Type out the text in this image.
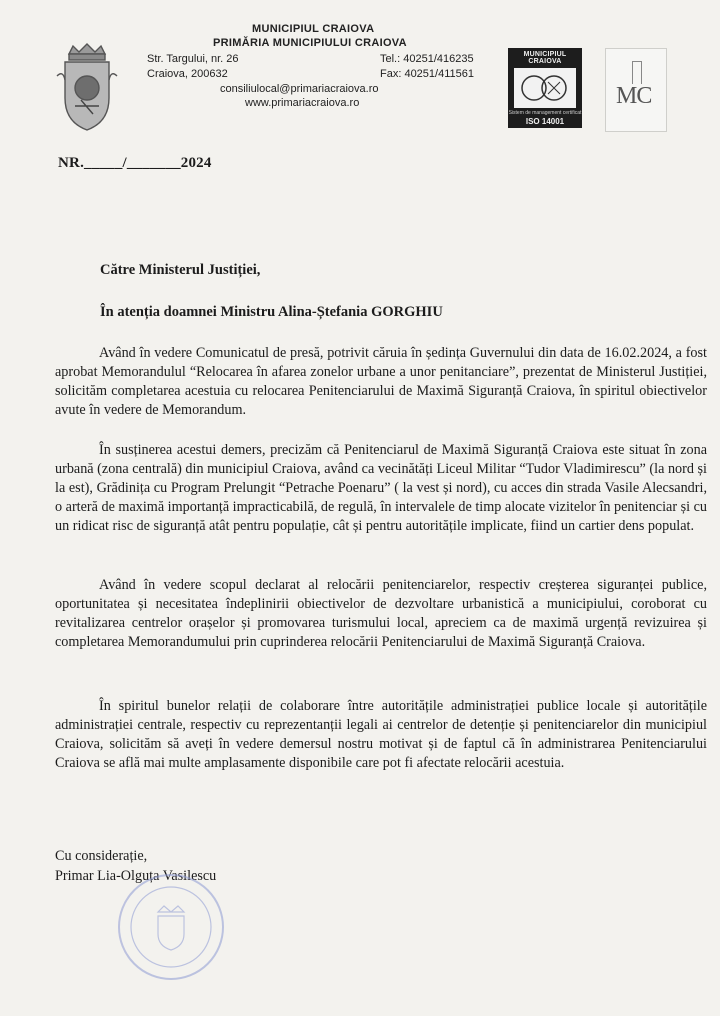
MUNICIPIUL CRAIOVA
PRIMĂRIA MUNICIPIULUI CRAIOVA
Str. Targului, nr. 26
Craiova, 200632
Tel.: 40251/416235
Fax: 40251/411561
consiliulocal@primariacraiova.ro
www.primariacraiova.ro
MUNICIPIUL CRAIOVA
Sistem de management certificat
ISO 14001
MC
NR._____/_______2024
Către Ministerul Justiției,
În atenția doamnei Ministru Alina-Ștefania GORGHIU

Având în vedere Comunicatul de presă, potrivit căruia în ședința Guvernului din data de 16.02.2024, a fost aprobat Memorandulul “Relocarea în afarea zonelor urbane a unor penitanciare”, prezentat de Ministerul Justiției, solicităm completarea acestuia cu relocarea Penitenciarului de Maximă Siguranță Craiova, în spiritul obiectivelor avute în vedere de Memorandum.

În susținerea acestui demers, precizăm că Penitenciarul de Maximă Siguranță Craiova este situat în zona urbană (zona centrală) din municipiul Craiova, având ca vecinătăți Liceul Militar “Tudor Vladimirescu” (la nord și la est), Grădinița cu Program Prelungit “Petrache Poenaru” ( la vest și nord), cu acces din strada Vasile Alecsandri, o arteră de maximă importanță impracticabilă, de regulă, în intervalele de timp alocate vizitelor în penitenciar și cu un ridicat risc de siguranță atât pentru populație, cât și pentru autoritățile implicate, fiind un cartier dens populat.

Având în vedere scopul declarat al relocării penitenciarelor, respectiv creșterea siguranței publice, oportunitatea și necesitatea îndeplinirii obiectivelor de dezvoltare urbanistică a municipiului, coroborat cu revitalizarea centrelor orașelor și promovarea turismului local, apreciem ca de maximă urgență revizuirea și completarea Memorandumului prin cuprinderea relocării Penitenciarului de Maximă Siguranță Craiova.

În spiritul bunelor relații de colaborare între autoritățile administrației publice locale și autoritățile administrației centrale, respectiv cu reprezentanții legali ai centrelor de detenție și penitenciarelor din municipiul Craiova, solicităm să aveți în vedere demersul nostru motivat și de faptul că în administrarea Penitenciarului Craiova se află mai multe amplasamente disponibile care pot fi afectate relocării acestuia.

Cu considerație,
Primar Lia-Olguța Vasilescu
